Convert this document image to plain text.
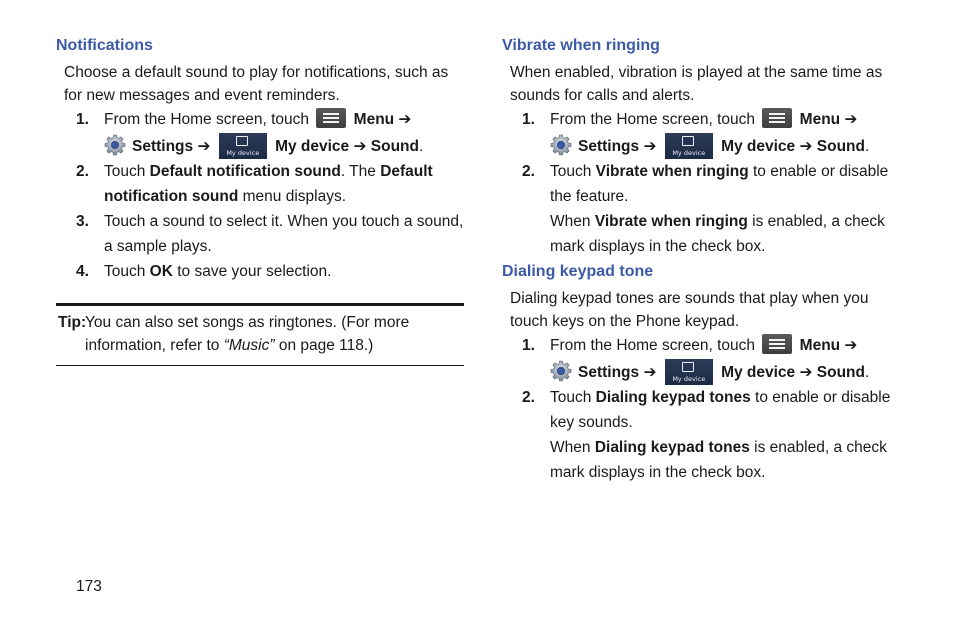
Notifications
Choose a default sound to play for notifications, such as for new messages and event reminders.
1. From the Home screen, touch	Menu ➔
Settings ➔	My device	My device ➔ Sound.
2. Touch Default notification sound. The Default notification sound menu displays.
3. Touch a sound to select it. When you touch a sound, a sample plays.
4. Touch OK to save your selection.
Tip:
You can also set songs as ringtones. (For more information, refer to “Music” on page 118.)
Vibrate when ringing
When enabled, vibration is played at the same time as sounds for calls and alerts.
1. From the Home screen, touch	Menu ➔
Settings ➔	My device	My device ➔ Sound.
2. Touch Vibrate when ringing to enable or disable the feature.
When Vibrate when ringing is enabled, a check mark displays in the check box.
Dialing keypad tone
Dialing keypad tones are sounds that play when you touch keys on the Phone keypad.
1. From the Home screen, touch	Menu ➔
Settings ➔	My device	My device ➔ Sound.
2. Touch Dialing keypad tones to enable or disable key sounds.
When Dialing keypad tones is enabled, a check mark displays in the check box.
173
